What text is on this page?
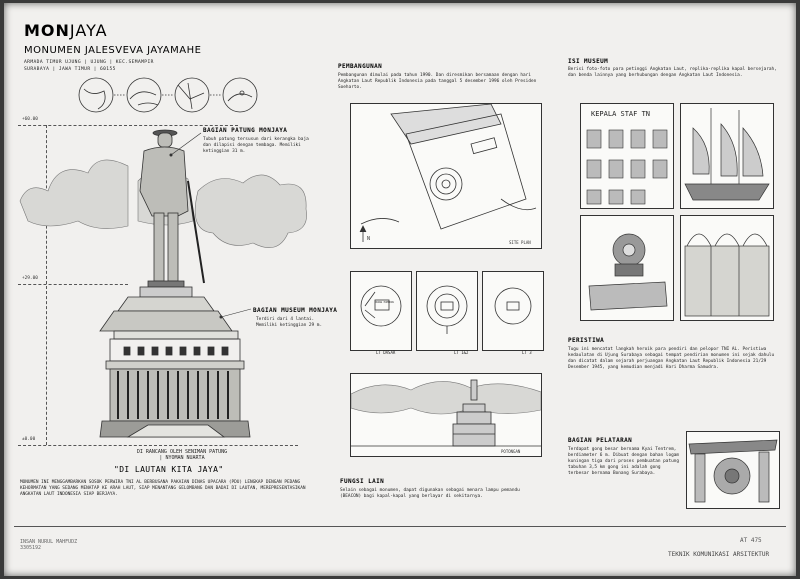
MONJAYA
MONUMEN JALESVEVA JAYAMAHE
ARMADA TIMUR UJUNG | UJUNG | KEC.SEMAMPIR
SURABAYA | JAWA TIMUR | 60155
+60.00
+29.00
±0.00
BAGIAN PATUNG MONJAYA
Tubuh patung tersusun dari kerangka baja dan dilapisi dengan tembaga. Memiliki ketinggian 31 m.
BAGIAN MUSEUM MONJAYA
Terdiri dari 4 lantai. Memiliki ketinggian 29 m.
DI RANCANG OLEH SENIMAN PATUNG
| NYOMAN NUARTA
"DI LAUTAN KITA JAYA"
MONUMEN INI MENGGAMBARKAN SOSOK PERWIRA TNI AL BERBUSANA PAKAIAN DINAS UPACARA (PDU) LENGKAP DENGAN PEDANG KEHORMATAN YANG SEDANG MENATAP KE ARAH LAUT, SIAP MENANTANG GELOMBANG DAN BADAI DI LAUTAN, MEREPRESENTASIKAN ANGKATAN LAUT INDONESIA SIAP BERJAYA.
PEMBANGUNAN
Pembangunan dimulai pada tahun 1990. Dan diresmikan bersamaan dengan hari Angkatan Laut Republik Indonesia pada tanggal 5 desember 1996 oleh Presiden Soeharto.
N
SITE PLAN
RUANG PAMERAN
LT DASAR	LT 1&2	LT 3
POTONGAN
FUNGSI LAIN
Selain sebagai monumen, dapat digunakan sebagai menara lampu pemandu (BEACON) bagi kapal-kapal yang berlayar di sekitarnya.
ISI MUSEUM
Berisi foto-foto para petinggi Angkatan Laut, replika-replika kapal bersejarah, dan benda lainnya yang berhubungan dengan Angkatan Laut Indonesia.
KEPALA STAF TN
PERISTIWA
Tugu ini mencatat langkah heroik para pendiri dan pelopor TNI AL. Peristiwa kedaulatan di Ujung Surabaya sebagai tempat pendirian monumen ini sejak dahulu dan dicatat dalam sejarah perjuangan Angkatan Laut Republik Indonesia 21/29 Desember 1945, yang kemudian menjadi Hari Dharma Samudra.
BAGIAN PELATARAN
Terdapat gong besar bernama Kyai Tentrem, berdiameter 6 m. Dibuat dengan bahan logam kuningan tiga dari proses pembuatan patung tabuhan 3,5 km gong ini adalah gong terbesar bernama Bonang Surabaya.
INSAN NURUL MAHFUDZ
3305192
AT 475
TEKNIK KOMUNIKASI ARSITEKTUR
